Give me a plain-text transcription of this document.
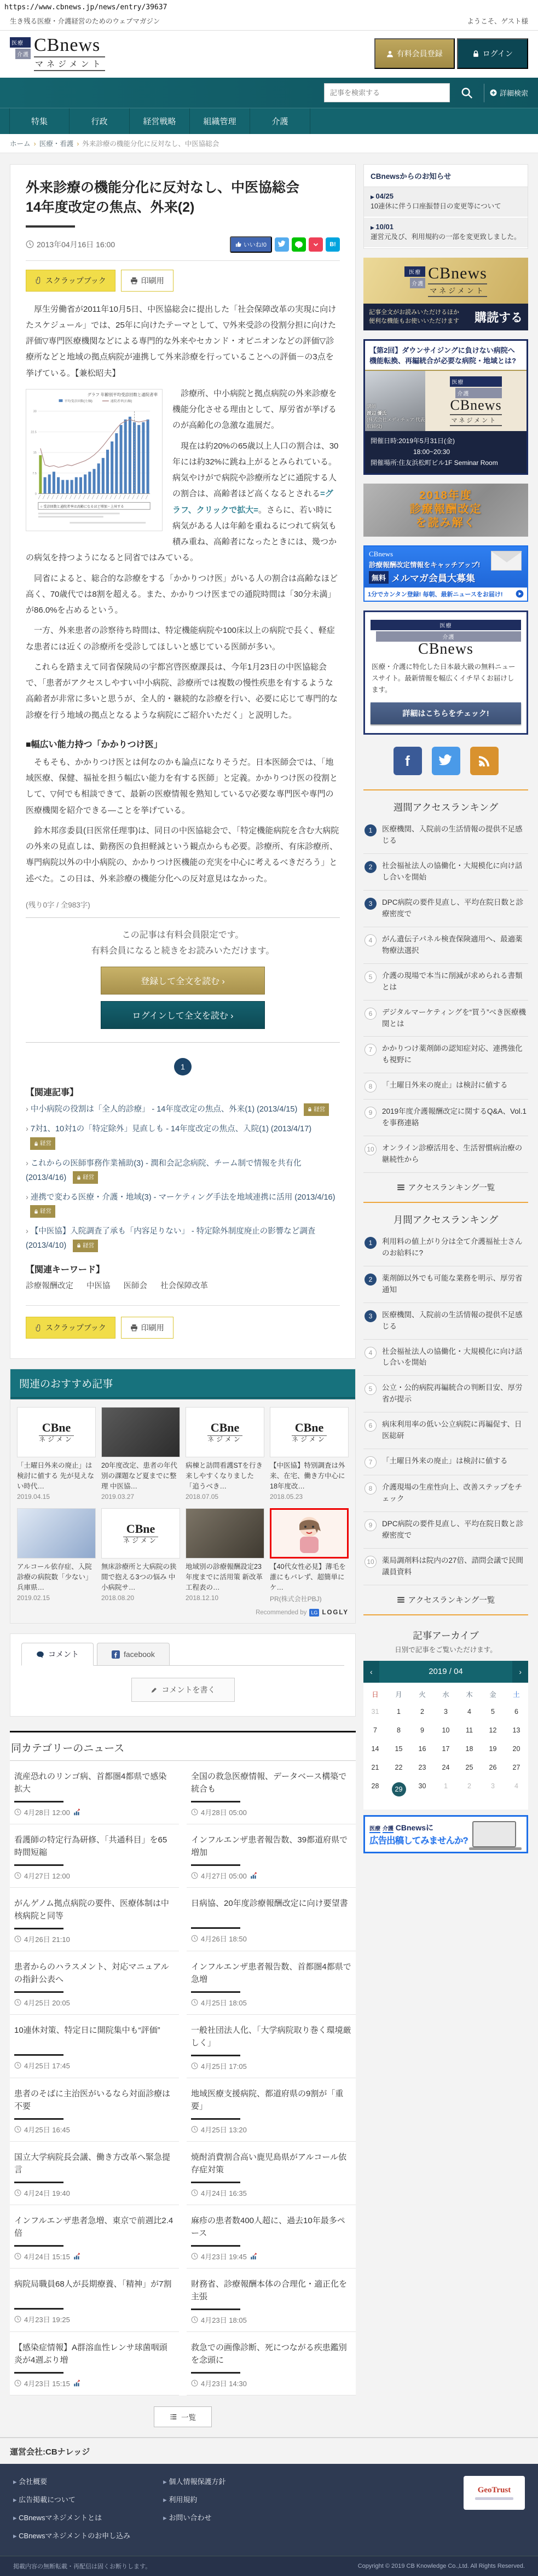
https://www.cbnews.jp/news/entry/39637
生き残る医療・介護経営のためのウェブマガジン	ようこそ、ゲスト様
医療
介護 CBnews
マネジメント
有料会員登録	ログイン
記事を検索する
詳細検索
特集	行政	経営戦略	組織管理	介護
ホーム › 医療・看護 › 外来診療の機能分化に反対なし、中医協総会
外来診療の機能分化に反対なし、中医協総会
14年度改定の焦点、外来(2)
2013年04月16日 16:00	いいね!0	B!
スクラップブック	印刷用

　厚生労働省が2011年10月5日、中医協総会に提出した「社会保障改革の実現に向けたスケジュール」では、25年に向けたテーマとして、▽外来受診の役割分担に向けた評価▽専門医療機関などによる専門的な外来やセカンド・オピニオンなどの評価▽診療所などと地域の拠点病院が連携して外来診療を行っていることへの評価－の3点を挙げている。【兼松昭夫】

グラフ 年齢別平均受診回数と通院者率
平均受診回数(左軸)	通院者率(右軸)
0
7.5
15
22.5
30
○ 受診回数と通院者率は高齢になるほど増加・上昇する

　診療所、中小病院と拠点病院の外来診療を機能分化させる理由として、厚労省が挙げるのが高齢化の急激な進展だ。

　現在は約20%の65歳以上人口の割合は、30年には約32%に跳ね上がるとみられている。病気やけがで病院や診療所などに通院する人の割合は、高齢者ほど高くなるとされる=グラフ、クリックで拡大=。さらに、若い時に病気がある人は年齢を重ねるにつれて病気も積み重ね、高齢者になったときには、幾つかの病気を持つようになると同省ではみている。

　同省によると、総合的な診療をする「かかりつけ医」がいる人の割合は高齢なほど高く、70歳代では8割を超える。また、かかりつけ医までの通院時間は「30分未満」が86.0%を占めるという。

　一方、外来患者の診察待ち時間は、特定機能病院や100床以上の病院で長く、軽症な患者には近くの診療所を受診してほしいと感じている医師が多い。

　これらを踏まえて同省保険局の宇都宮啓医療課長は、今年1月23日の中医協総会で、「患者がアクセスしやすい中小病院、診療所では複数の慢性疾患を有するような高齢者が非常に多いと思うが、全人的・継続的な診療を行い、必要に応じて専門的な診療を行う地域の拠点となるような病院にご紹介いただく」と説明した。

■幅広い能力持つ「かかりつけ医」

　そもそも、かかりつけ医とは何なのかも論点になりそうだ。日本医師会では、「地域医療、保健、福祉を担う幅広い能力を有する医師」と定義。かかりつけ医の役割として、▽何でも相談できて、最新の医療情報を熟知している▽必要な専門医や専門の医療機関を紹介できる―ことを挙げている。

　鈴木邦彦委員(日医常任理事)は、同日の中医協総会で、「特定機能病院を含む大病院の外来の見直しは、勤務医の負担軽減という観点からも必要。診療所、有床診療所、専門病院以外の中小病院の、かかりつけ医機能の充実を中心に考えるべきだろう」と述べた。この日は、外来診療の機能分化への反対意見はなかった。

(残り0字 / 全983字)
この記事は有料会員限定です。
有料会員になると続きをお読みいただけます。
登録して全文を読む ›
ログインして全文を読む ›
1
【関連記事】
› 中小病院の役割は「全人的診療」 - 14年度改定の焦点、外来(1) (2013/4/15)
経営
› 7対1、10対1の「特定除外」見直しも - 14年度改定の焦点、入院(1) (2013/4/17)
経営
› これからの医師事務作業補助(3) - 潤和会記念病院、チーム制で情報を共有化 (2013/4/16)
経営
› 連携で変わる医療・介護・地域(3) - マーケティング手法を地域連携に活用 (2013/4/16)
経営
› 【中医協】入院調査了承も「内容足りない」 - 特定除外制度廃止の影響など調査 (2013/4/10)
経営
【関連キーワード】
診療報酬改定 中医協 医師会 社会保障改革
スクラップブック	印刷用
関連のおすすめ記事
CBne
ネジメン
「土曜日外来の廃止」は検討に値する 先が見えない時代…
2019.04.15
20年度改定、患者の年代別の課題など夏までに整理 中医協…
2019.03.27
CBne
ネジメン
病棟と訪問看護STを行き来しやすくなりました 「追うべき…
2018.07.05
CBne
ネジメン
【中医協】特別調査は外来、在宅、働き方中心に 18年度改…
2018.05.23
アルコール依存症、入院診療の病院数「少ない」 兵庫県…
2019.02.15
CBne
ネジメン
無床診療所と大病院の狭間で抱える3つの悩み 中小病院サ…
2018.08.20
地域別の診療報酬設定23年度までに活用策 新改革工程表の…
2018.12.10
【40代女性必見】薄毛を誰にもバレず、超簡単にケ…
PR(株式会社PBJ)
Recommended by LG LOGLY
コメント	facebook
コメントを書く
同カテゴリーのニュース
流産恐れのリンゴ病、首都圏4都県で感染拡大
4月28日 12:00
全国の救急医療情報、データベース構築で統合も
4月28日 05:00
看護師の特定行為研修、「共通科目」を65時間短縮
4月27日 12:00
インフルエンザ患者報告数、39都道府県で増加
4月27日 05:00
がんゲノム拠点病院の要件、医療体制は中核病院と同等
4月26日 21:10
日病協、20年度診療報酬改定に向け要望書
4月26日 18:50
患者からのハラスメント、対応マニュアルの指針公表へ
4月25日 20:05
インフルエンザ患者報告数、首都圏4都県で急増
4月25日 18:05
10連休対策、特定日に開院集中も“評価”
4月25日 17:45
一般社団法人化、「大学病院取り巻く環境厳しく」
4月25日 17:05
患者のそばに主治医がいるなら対面診療は不要
4月25日 16:45
地域医療支援病院、都道府県の9割が「重要」
4月25日 13:20
国立大学病院長会議、働き方改革へ緊急提言
4月24日 19:40
焼酎消費割合高い鹿児島県がアルコール依存症対策
4月24日 16:35
インフルエンザ患者急増、東京で前週比2.4倍
4月24日 15:15
麻疹の患者数400人超に、過去10年最多ペース
4月23日 19:45
病院局職員68人が長期療養、「精神」が7割
4月23日 19:25
財務省、診療報酬本体の合理化・適正化を主張
4月23日 18:05
【感染症情報】A群溶血性レンサ球菌咽頭炎が4週ぶり増
4月23日 15:15
救急での画像診断、死につながる疾患鑑別を念頭に
4月23日 14:30
一覧
CBnewsからのお知らせ
▶ 04/25
10連休に伴う口座振替日の変更等について
▶ 10/01
運営元及び、利用規約の一部を変更致しました。
医療
介護
CBnews
マネジメント
記事全文がお読みいただけるほか
便利な機能もお使いいただけます 購読する
【第2回】ダウンサイジングに負けない病院へ
機能転換、再編統合が必要な病院・地域とは?
講師
渡辺 優氏
(株式会社メディチュア 代表取締役)
医療
介護
CBnews
マネジメント
開催日時:2019年5月31日(金)
18:00~20:30
開催場所:住友浜松町ビル1F Seminar Room
2018年度
診療報酬改定
を読み解く
CBnews
診療報酬改定情報をキャッチアップ!
無料 メルマガ会員大募集
1分でカンタン登録! 毎朝、最新ニュースをお届け!
医療
介護
CBnews
医療・介護に特化した日本最大級の無料ニュースサイト。最新情報を幅広くイチ早くお届けします。
詳細はこちらをチェック!
f
週間アクセスランキング
1	医療機関、入院前の生活情報の提供不足感じる
2	社会福祉法人の協働化・大規模化に向け話し合いを開始
3	DPC病院の要件見直し、平均在院日数と診療密度で
4	がん遺伝子パネル検査保険適用へ、最適薬物療法選択
5	介護の現場で本当に削減が求められる書類とは
6	デジタルマーケティングを“買う”べき医療機関とは
7	かかりつけ薬剤師の認知症対応、連携強化も視野に
8	「土曜日外来の廃止」は検討に値する
9	2019年度介護報酬改定に関するQ&A、Vol.1を事務連絡
10	オンライン診療活用を、生活習慣病治療の継続性から
アクセスランキング一覧
月間アクセスランキング
1	利用料の値上がり分は全て介護福祉士さんのお給料に?
2	薬剤師以外でも可能な業務を明示、厚労省通知
3	医療機関、入院前の生活情報の提供不足感じる
4	社会福祉法人の協働化・大規模化に向け話し合いを開始
5	公立・公的病院再編統合の判断目安、厚労省が提示
6	病床利用率の低い公立病院に再編促す、日医総研
7	「土曜日外来の廃止」は検討に値する
8	介護現場の生産性向上、改善ステップをチェック
9	DPC病院の要件見直し、平均在院日数と診療密度で
10	薬局調剤料は院内の27倍、諮問会議で民間議員資料
アクセスランキング一覧
記事アーカイブ
日別で記事をご覧いただけます。
‹	2019 / 04	›
日	月	火	水	木	金	土
31	1	2	3	4	5	6
7	8	9	10	11	12	13
14	15	16	17	18	19	20
21	22	23	24	25	26	27
28	29	30	1	2	3	4
医療 介護 CBnewsに
広告出稿してみませんか?
運営会社:CBナレッジ
▸ 会社概要
▸ 広告掲載について
▸ CBnewsマネジメントとは
▸ CBnewsマネジメントのお申し込み
▸ 個人情報保護方針
▸ 利用規約
▸ お問い合わせ
GeoTrust
掲載内容の無断転載・再配信は固くお断りします。	Copyright © 2019 CB Knowledge Co.,Ltd. All Rights Reserved.
